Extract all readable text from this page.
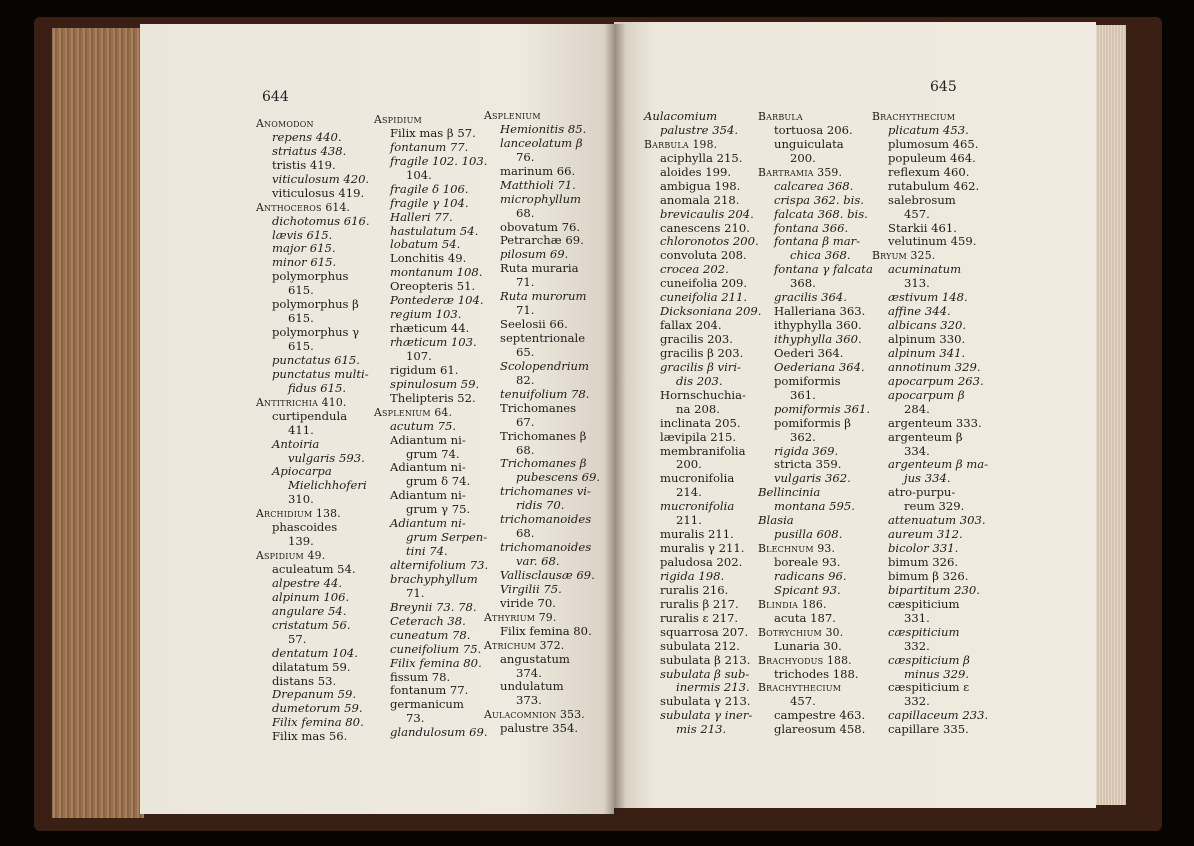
644
645
Anomodon
repens 440.
striatus 438.
tristis 419.
viticulosum 420.
viticulosus 419.
Anthoceros 614.
dichotomus 616.
lævis 615.
major 615.
minor 615.
polymorphus
615.
polymorphus β
615.
polymorphus γ
615.
punctatus 615.
punctatus multi-
fidus 615.
Antitrichia 410.
curtipendula
411.
Antoiria
vulgaris 593.
Apiocarpa
Mielichhoferi
310.
Archidium 138.
phascoides
139.
Aspidium 49.
aculeatum 54.
alpestre 44.
alpinum 106.
angulare 54.
cristatum 56.
57.
dentatum 104.
dilatatum 59.
distans 53.
Drepanum 59.
dumetorum 59.
Filix femina 80.
Filix mas 56.
Aspidium
Filix mas β 57.
fontanum 77.
fragile 102. 103.
104.
fragile δ 106.
fragile γ 104.
Halleri 77.
hastulatum 54.
lobatum 54.
Lonchitis 49.
montanum 108.
Oreopteris 51.
Pontederæ 104.
regium 103.
rhæticum 44.
rhæticum 103.
107.
rigidum 61.
spinulosum 59.
Thelipteris 52.
Asplenium 64.
acutum 75.
Adiantum ni-
grum 74.
Adiantum ni-
grum δ 74.
Adiantum ni-
grum γ 75.
Adiantum ni-
grum Serpen-
tini 74.
alternifolium 73.
brachyphyllum
71.
Breynii 73. 78.
Ceterach 38.
cuneatum 78.
cuneifolium 75.
Filix femina 80.
fissum 78.
fontanum 77.
germanicum
73.
glandulosum 69.
Asplenium
Hemionitis 85.
lanceolatum β
76.
marinum 66.
Matthioli 71.
microphyllum
68.
obovatum 76.
Petrarchæ 69.
pilosum 69.
Ruta muraria
71.
Ruta murorum
71.
Seelosii 66.
septentrionale
65.
Scolopendrium
82.
tenuifolium 78.
Trichomanes
67.
Trichomanes β
68.
Trichomanes β
pubescens 69.
trichomanes vi-
ridis 70.
trichomanoides
68.
trichomanoides
var. 68.
Vallisclausæ 69.
Virgilii 75.
viride 70.
Athyrium 79.
Filix femina 80.
Atrichum 372.
angustatum
374.
undulatum
373.
Aulacomnion 353.
palustre 354.
Aulacomium
palustre 354.
Barbula 198.
aciphylla 215.
aloides 199.
ambigua 198.
anomala 218.
brevicaulis 204.
canescens 210.
chloronotos 200.
convoluta 208.
crocea 202.
cuneifolia 209.
cuneifolia 211.
Dicksoniana 209.
fallax 204.
gracilis 203.
gracilis β 203.
gracilis β viri-
dis 203.
Hornschuchia-
na 208.
inclinata 205.
lævipila 215.
membranifolia
200.
mucronifolia
214.
mucronifolia
211.
muralis 211.
muralis γ 211.
paludosa 202.
rigida 198.
ruralis 216.
ruralis β 217.
ruralis ε 217.
squarrosa 207.
subulata 212.
subulata β 213.
subulata β sub-
inermis 213.
subulata γ 213.
subulata γ iner-
mis 213.
Barbula
tortuosa 206.
unguiculata
200.
Bartramia 359.
calcarea 368.
crispa 362. bis.
falcata 368. bis.
fontana 366.
fontana β mar-
chica 368.
fontana γ falcata
368.
gracilis 364.
Halleriana 363.
ithyphylla 360.
ithyphylla 360.
Oederi 364.
Oederiana 364.
pomiformis
361.
pomiformis 361.
pomiformis β
362.
rigida 369.
stricta 359.
vulgaris 362.
Bellincinia
montana 595.
Blasia
pusilla 608.
Blechnum 93.
boreale 93.
radicans 96.
Spicant 93.
Blindia 186.
acuta 187.
Botrychium 30.
Lunaria 30.
Brachyodus 188.
trichodes 188.
Brachythecium
457.
campestre 463.
glareosum 458.
Brachythecium
plicatum 453.
plumosum 465.
populeum 464.
reflexum 460.
rutabulum 462.
salebrosum
457.
Starkii 461.
velutinum 459.
Bryum 325.
acuminatum
313.
æstivum 148.
affine 344.
albicans 320.
alpinum 330.
alpinum 341.
annotinum 329.
apocarpum 263.
apocarpum β
284.
argenteum 333.
argenteum β
334.
argenteum β ma-
jus 334.
atro-purpu-
reum 329.
attenuatum 303.
aureum 312.
bicolor 331.
bimum 326.
bimum β 326.
bipartitum 230.
cæspiticium
331.
cæspiticium
332.
cæspiticium β
minus 329.
cæspiticium ε
332.
capillaceum 233.
capillare 335.
